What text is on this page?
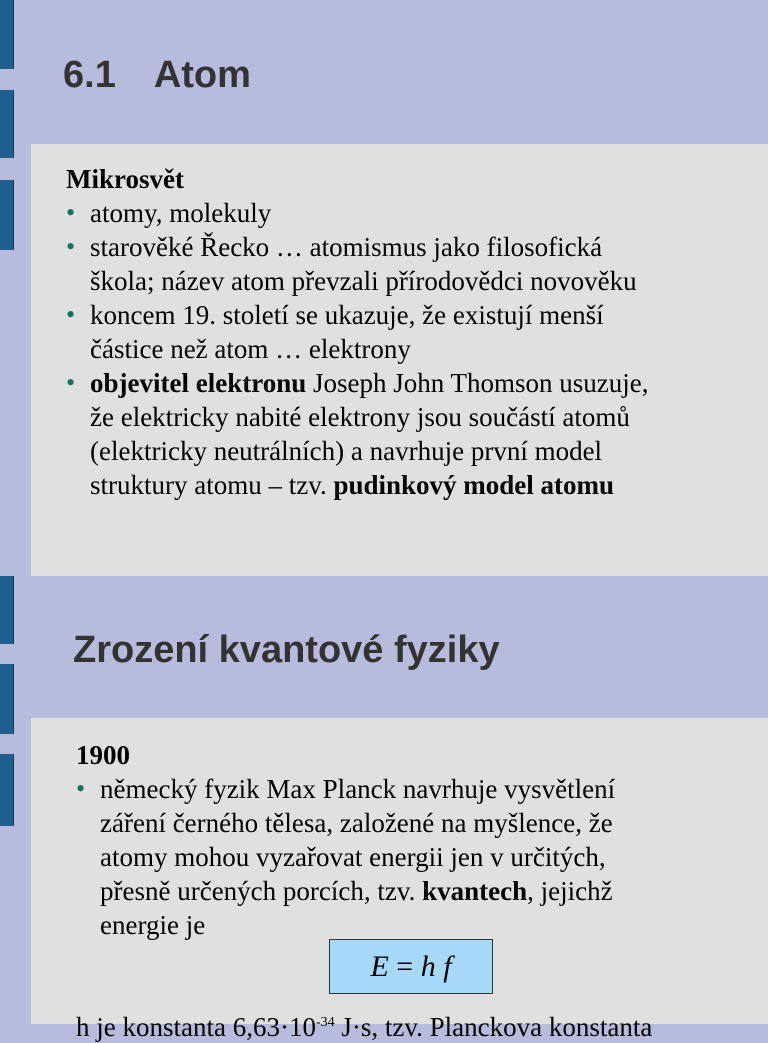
6.1 Atom

Mikrosvět

• atomy, molekuly
• starověké Řecko … atomismus jako filosofická
škola; název atom převzali přírodovědci novověku
• koncem 19. století se ukazuje, že existují menší
částice než atom … elektrony
• objevitel elektronu Joseph John Thomson usuzuje,
že elektricky nabité elektrony jsou součástí atomů
(elektricky neutrálních) a navrhuje první model
struktury atomu – tzv. pudinkový model atomu
Zrození kvantové fyziky

1900

• německý fyzik Max Planck navrhuje vysvětlení
záření černého tělesa, založené na myšlence, že
atomy mohou vyzařovat energii jen v určitých,
přesně určených porcích, tzv. kvantech, jejichž
energie je
E = h f
h je konstanta $6,63\cdot 10^{-34}$ J·s, tzv. Planckova konstanta
